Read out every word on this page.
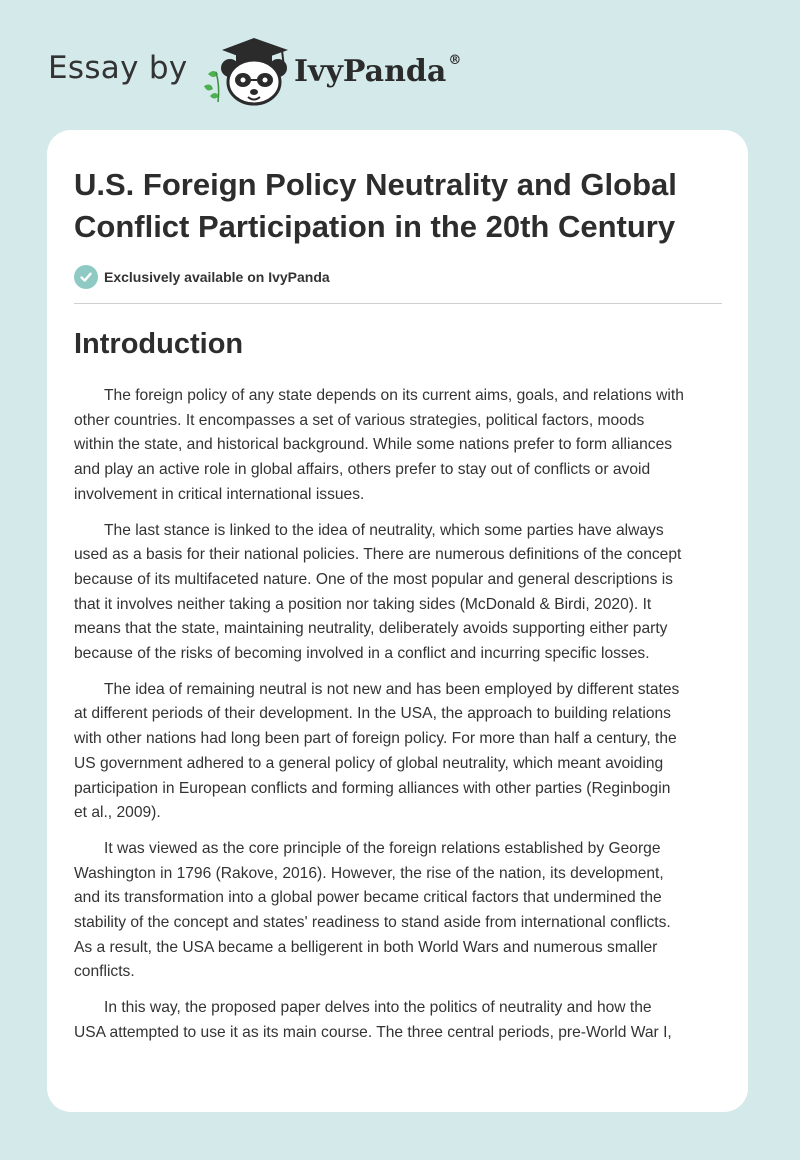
Essay by	IvyPanda ®
U.S. Foreign Policy Neutrality and Global
Conflict Participation in the 20th Century
Exclusively available on IvyPanda
Introduction

The foreign policy of any state depends on its current aims, goals, and relations with
other countries. It encompasses a set of various strategies, political factors, moods
within the state, and historical background. While some nations prefer to form alliances
and play an active role in global affairs, others prefer to stay out of conflicts or avoid
involvement in critical international issues.

The last stance is linked to the idea of neutrality, which some parties have always
used as a basis for their national policies. There are numerous definitions of the concept
because of its multifaceted nature. One of the most popular and general descriptions is
that it involves neither taking a position nor taking sides (McDonald & Birdi, 2020). It
means that the state, maintaining neutrality, deliberately avoids supporting either party
because of the risks of becoming involved in a conflict and incurring specific losses.

The idea of remaining neutral is not new and has been employed by different states
at different periods of their development. In the USA, the approach to building relations
with other nations had long been part of foreign policy. For more than half a century, the
US government adhered to a general policy of global neutrality, which meant avoiding
participation in European conflicts and forming alliances with other parties (Reginbogin
et al., 2009).

It was viewed as the core principle of the foreign relations established by George
Washington in 1796 (Rakove, 2016). However, the rise of the nation, its development,
and its transformation into a global power became critical factors that undermined the
stability of the concept and states' readiness to stand aside from international conflicts.
As a result, the USA became a belligerent in both World Wars and numerous smaller
conflicts.

In this way, the proposed paper delves into the politics of neutrality and how the
USA attempted to use it as its main course. The three central periods, pre-World War I,
